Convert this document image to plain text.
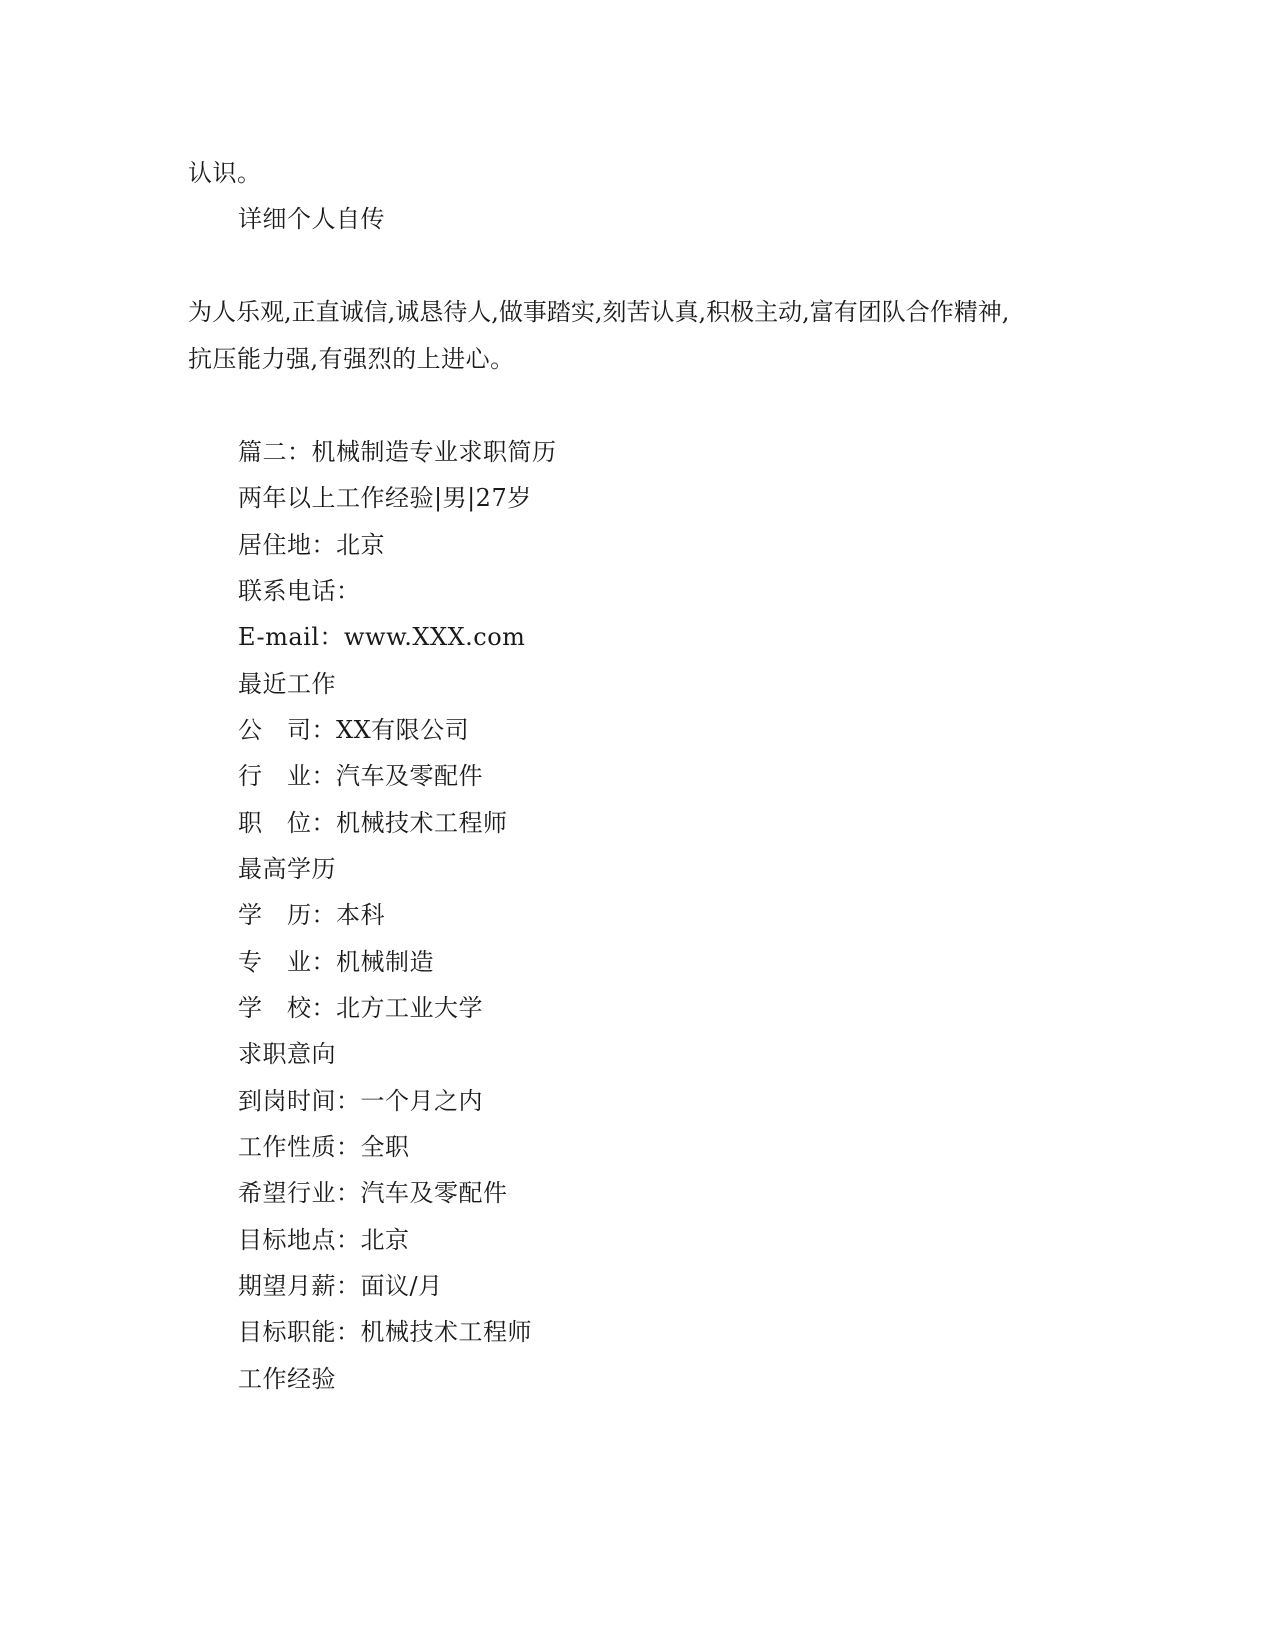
认识。
详细个人自传
为人乐观,正直诚信,诚恳待人,做事踏实,刻苦认真,积极主动,富有团队合作精神,
抗压能力强,有强烈的上进心。
篇二：机械制造专业求职简历
两年以上工作经验|男|27岁
居住地：北京
联系电话：
E-mail：www.XXX.com
最近工作
公　司：XX有限公司
行　业：汽车及零配件
职　位：机械技术工程师
最高学历
学　历：本科
专　业：机械制造
学　校：北方工业大学
求职意向
到岗时间：一个月之内
工作性质：全职
希望行业：汽车及零配件
目标地点：北京
期望月薪：面议/月
目标职能：机械技术工程师
工作经验
